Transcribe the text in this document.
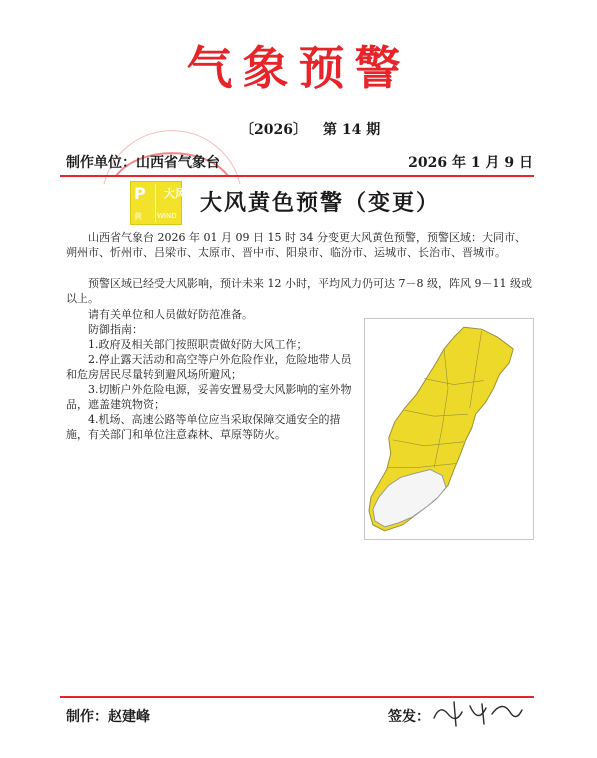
气象预警
〔2026〕 第 14 期
制作单位：山西省气象台	2026 年 1 月 9 日
P 大风
黄 WIND 大风黄色预警（变更）
山西省气象台 2026 年 01 月 09 日 15 时 34 分变更大风黄色预警，预警区域：大同市、朔州市、忻州市、吕梁市、太原市、晋中市、阳泉市、临汾市、运城市、长治市、晋城市。
预警区域已经受大风影响，预计未来 12 小时，平均风力仍可达 7－8 级，阵风 9－11 级或以上。
请有关单位和人员做好防范准备。
防御指南：
1.政府及相关部门按照职责做好防大风工作；
2.停止露天活动和高空等户外危险作业，危险地带人员和危房居民尽量转到避风场所避风；
3.切断户外危险电源，妥善安置易受大风影响的室外物品，遮盖建筑物资；
4.机场、高速公路等单位应当采取保障交通安全的措施，有关部门和单位注意森林、草原等防火。
制作：赵建峰	签发：
